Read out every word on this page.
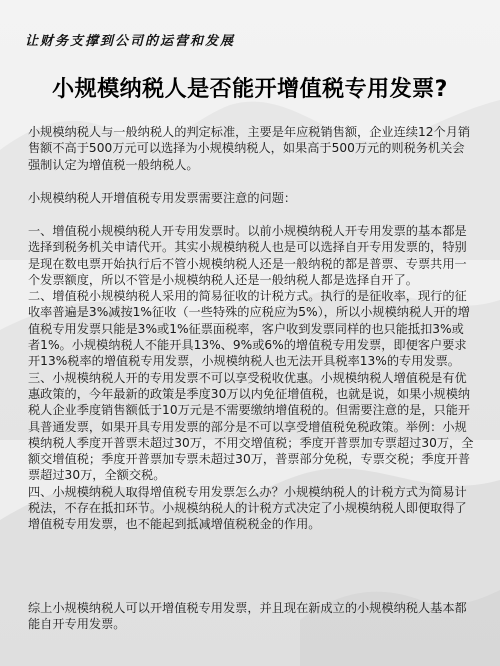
让财务支撑到公司的运营和发展
小规模纳税人是否能开增值税专用发票?

小规模纳税人与一般纳税人的判定标准，主要是年应税销售额，企业连续12个月销售额不高于500万元可以选择为小规模纳税人，如果高于500万元的则税务机关会强制认定为增值税一般纳税人。

小规模纳税人开增值税专用发票需要注意的问题：

一、增值税小规模纳税人开专用发票时。以前小规模纳税人开专用发票的基本都是选择到税务机关申请代开。其实小规模纳税人也是可以选择自开专用发票的，特别是现在数电票开始执行后不管小规模纳税人还是一般纳税的都是普票、专票共用一个发票额度，所以不管是小规模纳税人还是一般纳税人都是选择自开了。

二、增值税小规模纳税人采用的简易征收的计税方式。执行的是征收率，现行的征收率普遍是3%减按1%征收（一些特殊的应税应为5%），所以小规模纳税人开的增值税专用发票只能是3%或1%征票面税率，客户收到发票同样的也只能抵扣3%或者1%。小规模纳税人不能开具13%、9%或6%的增值税专用发票，即便客户要求开13%税率的增值税专用发票，小规模纳税人也无法开具税率13%的专用发票。

三、小规模纳税人开的专用发票不可以享受税收优惠。小规模纳税人增值税是有优惠政策的，今年最新的政策是季度30万以内免征增值税，也就是说，如果小规模纳税人企业季度销售额低于10万元是不需要缴纳增值税的。但需要注意的是，只能开具普通发票，如果开具专用发票的部分是不可以享受增值税免税政策。举例：小规模纳税人季度开普票未超过30万，不用交增值税；季度开普票加专票超过30万，全额交增值税；季度开普票加专票未超过30万，普票部分免税，专票交税；季度开普票超过30万，全额交税。

四、小规模纳税人取得增值税专用发票怎么办？小规模纳税人的计税方式为简易计税法，不存在抵扣环节。小规模纳税人的计税方式决定了小规模纳税人即便取得了增值税专用发票，也不能起到抵减增值税税金的作用。

综上小规模纳税人可以开增值税专用发票，并且现在新成立的小规模纳税人基本都能自开专用发票。
